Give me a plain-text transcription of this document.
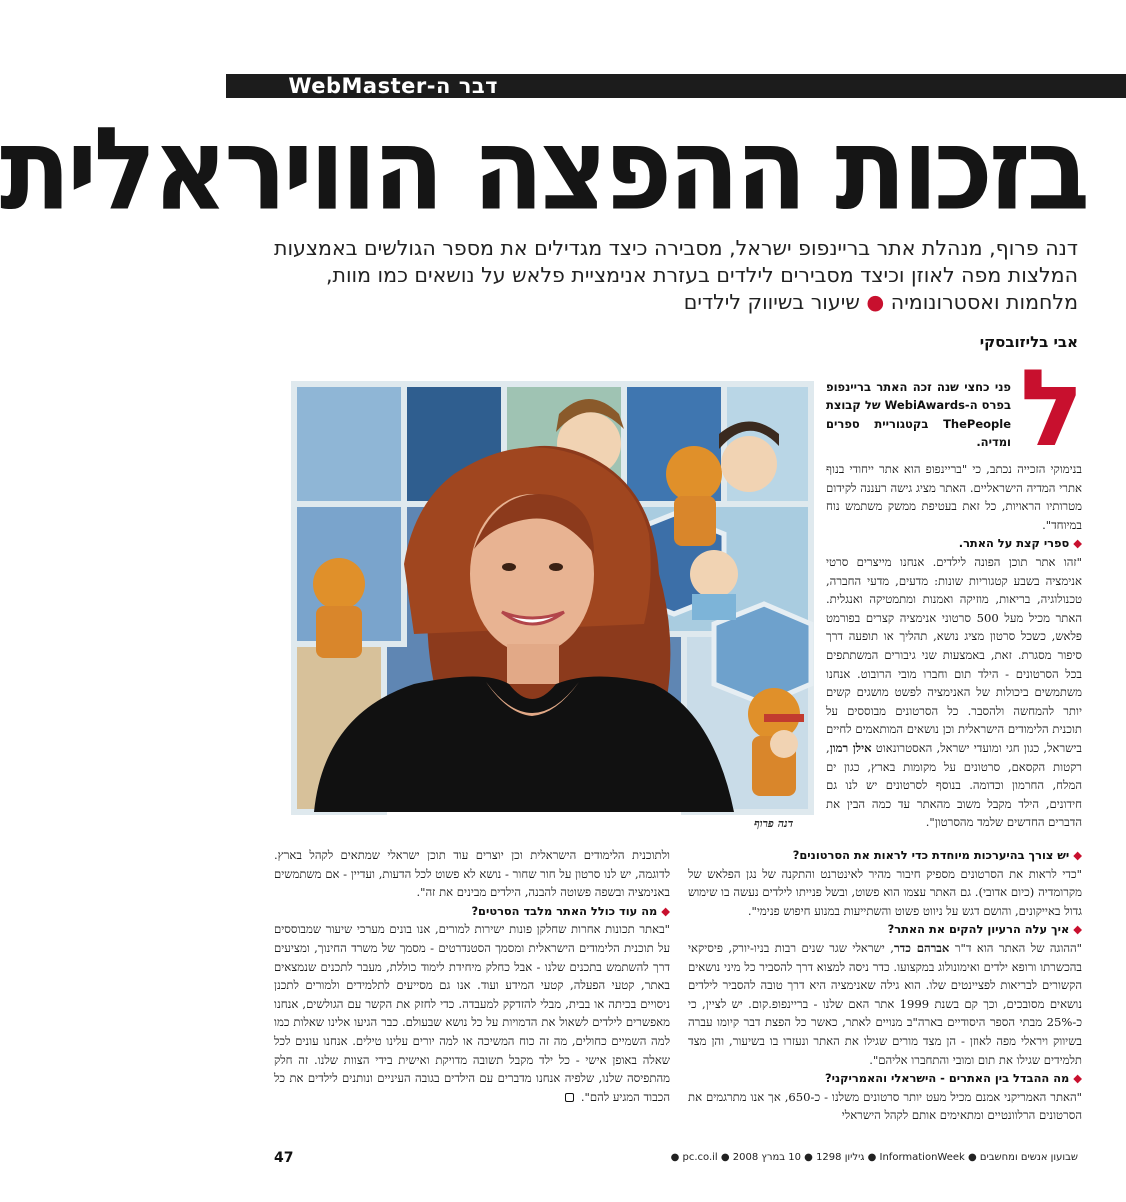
דבר ה-WebMaster
בזכות ההפצה הוויראלית

דנה פרוף, מנהלת אתר בריינפופ ישראל, מסבירה כיצד מגדילים את מספר הגולשים באמצעות המלצות מפה לאוזן וכיצד מסבירים לילדים בעזרת אנימציית פלאש על נושאים כמו מוות, מלחמות ואסטרונומיה ● שיעור בשיווק לילדים

אבי בליזובסקי
דנה פרוף
ל

פני כחצי שנה זכה האתר בריינפופ בפרס ה-WebiAwards של קבוצת ThePeople בקטגוריית ספרים ומדיה.

בנימוקי הזכייה נכתב, כי "בריינפופ הוא אתר ייחודי בנוף אתרי המדיה הישראליים. האתר מציג גישה רעננה לקידום מטרותיו הראויות, כל זאת בעטיפת ממשק משתמש נוח במיוחד".

◆ ספרי קצת על האתר.

"זהו אתר תוכן הפונה לילדים. אנחנו מייצרים סרטי אנימציה בשבע קטגוריות שונות: מדעים, מדעי החברה, טכנולוגיה, בריאות, מוזיקה ואמנות ומתמטיקה ואנגלית. האתר מכיל מעל 500 סרטוני אנימציה קצרים בפורמט פלאש, כשכל סרטון מציג נושא, תהליך או תופעה דרך סיפור מסגרת. זאת, באמצעות שני גיבורים המשתתפים בכל הסרטונים - הילד תום וחברו מובי הרובוט. אנחנו משתמשים ביכולות של האנימציה לפשט מושגים קשים יותר להמחשה ולהסבר. כל הסרטונים מבוססים על תוכנית הלימודים הישראלית וכן נושאים המותאמים לחיים בישראל, כגון חגי ומועדי ישראל, האסטרונאוט אילן רמון, רקטות הקסאם, סרטונים על מקומות בארץ, כגון ים המלח, החרמון וכדומה. בנוסף לסרטונים יש לנו גם חידונים, הילד מקבל משוב מהאתר עד כמה הבין את הדברים החדשים שלמד מהסרטון".

◆ יש צורך בהיערכות מיוחדת כדי לראות את הסרטונים?

"כדי לראות את הסרטונים מספיק חיבור מהיר לאינטרנט והתקנה של נגן הפלאש של מקרומדיה (כיום אדובי). גם האתר עצמו הוא פשוט, ובשל פנייתו לילדים נעשה בו שימוש גדול באייקונים, והושם דגש על ניווט פשוט והשתייעות במנוע חיפוש פנימי".

◆ איך עלה הרעיון להקים את האתר?

"ההוגה של האתר הוא ד"ר אברהם כדר, ישראלי שגר שנים רבות בניו-יורק, פיסיקאי בהכשרתו ורופא ילדים ואימונולוג במקצועו. כדר ניסה למצוא דרך להסביר כל מיני נושאים הקשורים לבריאות לפציינטים שלו. הוא גילה שאנימציה היא דרך טובה להסביר לילדים נושאים מסובכים, וכך קם בשנת 1999 אתר האם שלנו - בריינפופ.קום. יש לציין, כי כ-25% מבתי הספר היסודיים בארה"ב מנויים לאתר, כאשר כל הפצת דבר קיומו עברה בשיווק ויראלי מפה לאוזן - הן מצד מורים שגילו את האתר ונעזרו בו בשיעור, והן מצד תלמידים שגילו את תום ומובי והתחברו אליהם".

◆ מה ההבדל בין האתרים - הישראלי והאמריקני?

"האתר האמריקני אמנם מכיל מעט יותר סרטונים משלנו - כ-650, אך אנו מתרגמים את הסרטונים הרלוונטיים ומתאימים אותם לקהל הישראלי

ולתוכנית הלימודים הישראלית וכן יוצרים עוד תוכן ישראלי שמתאים לקהל בארץ. לדוגמה, יש לנו סרטון על חור שחור - נושא לא פשוט לכל הדעות, ועדיין - אם משתמשים באנימציה ובשפה פשוטה להבנה, הילדים מבינים את זה".

◆ מה עוד כולל האתר מלבד הסרטים?

"באתר תכונות אחרות שחלקן פונות ישירות למורים, אנו בונים מערכי שיעור שמבוססים על תוכנית הלימודים הישראלית ומסמך הסטנדרטים - מסמך של משרד החינוך, ומציעים דרך להשתמש בתכנים שלנו - אבל כחלק מיחידת לימוד כוללת, מעבר לתכנים שנמצאים באתר, קטעי הפעלה, קטעי המידע ועוד. אנו גם מסייעים לתלמידים ולמורים לתכנן ניסויים בכיתה או בבית, מבלי להזדקק למעבדה. כדי לחזק את הקשר עם הגולשים, אנחנו מאפשרים לילדים לשאול את הדמויות על כל נושא שבעולם. כבר הגיעו אלינו שאלות כמו למה השמיים כחולים, מה זה כוח המשיכה או למה יורים עלינו טילים. אנחנו עונים לכל שאלה באופן אישי - כל ילד מקבל תשובה מדויקת ואישית בידי הצוות שלנו. זה חלק מהתפיסה שלנו, שלפיה אנחנו מדברים עם הילדים בגובה העיניים ונותנים לילדים את כל הכבוד המגיע להם".

שבועון אנשים ומחשבים ● InformationWeek ● גיליון 1298 ● 10 במרץ 2008 ● pc.co.il ●
47
